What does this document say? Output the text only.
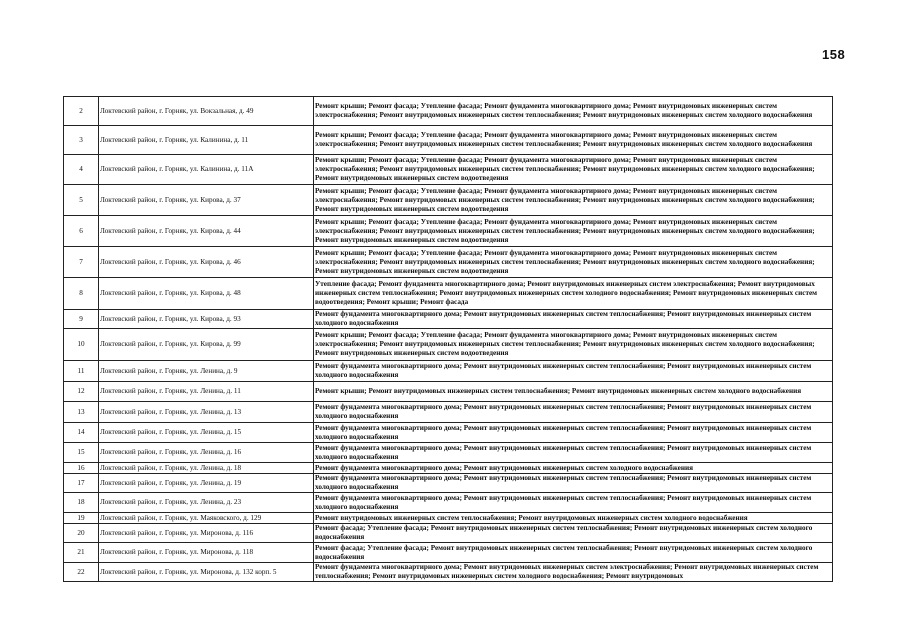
158
2	Локтевский район, г. Горняк, ул. Вокзальная, д. 49	Ремонт крыши; Ремонт фасада; Утепление фасада; Ремонт фундамента многоквартирного дома; Ремонт внутридомовых инженерных систем электроснабжения; Ремонт внутридомовых инженерных систем теплоснабжения; Ремонт внутридомовых инженерных систем холодного водоснабжения
3	Локтевский район, г. Горняк, ул. Калинина, д. 11	Ремонт крыши; Ремонт фасада; Утепление фасада; Ремонт фундамента многоквартирного дома; Ремонт внутридомовых инженерных систем электроснабжения; Ремонт внутридомовых инженерных систем теплоснабжения; Ремонт внутридомовых инженерных систем холодного водоснабжения
4	Локтевский район, г. Горняк, ул. Калинина, д. 11А	Ремонт крыши; Ремонт фасада; Утепление фасада; Ремонт фундамента многоквартирного дома; Ремонт внутридомовых инженерных систем электроснабжения; Ремонт внутридомовых инженерных систем теплоснабжения; Ремонт внутридомовых инженерных систем холодного водоснабжения; Ремонт внутридомовых инженерных систем водоотведения
5	Локтевский район, г. Горняк, ул. Кирова, д. 37	Ремонт крыши; Ремонт фасада; Утепление фасада; Ремонт фундамента многоквартирного дома; Ремонт внутридомовых инженерных систем электроснабжения; Ремонт внутридомовых инженерных систем теплоснабжения; Ремонт внутридомовых инженерных систем холодного водоснабжения; Ремонт внутридомовых инженерных систем водоотведения
6	Локтевский район, г. Горняк, ул. Кирова, д. 44	Ремонт крыши; Ремонт фасада; Утепление фасада; Ремонт фундамента многоквартирного дома; Ремонт внутридомовых инженерных систем электроснабжения; Ремонт внутридомовых инженерных систем теплоснабжения; Ремонт внутридомовых инженерных систем холодного водоснабжения; Ремонт внутридомовых инженерных систем водоотведения
7	Локтевский район, г. Горняк, ул. Кирова, д. 46	Ремонт крыши; Ремонт фасада; Утепление фасада; Ремонт фундамента многоквартирного дома; Ремонт внутридомовых инженерных систем электроснабжения; Ремонт внутридомовых инженерных систем теплоснабжения; Ремонт внутридомовых инженерных систем холодного водоснабжения; Ремонт внутридомовых инженерных систем водоотведения
8	Локтевский район, г. Горняк, ул. Кирова, д. 48	Утепление фасада; Ремонт фундамента многоквартирного дома; Ремонт внутридомовых инженерных систем электроснабжения; Ремонт внутридомовых инженерных систем теплоснабжения; Ремонт внутридомовых инженерных систем холодного водоснабжения; Ремонт внутридомовых инженерных систем водоотведения; Ремонт крыши; Ремонт фасада
9	Локтевский район, г. Горняк, ул. Кирова, д. 93	Ремонт фундамента многоквартирного дома; Ремонт внутридомовых инженерных систем теплоснабжения; Ремонт внутридомовых инженерных систем холодного водоснабжения
10	Локтевский район, г. Горняк, ул. Кирова, д. 99	Ремонт крыши; Ремонт фасада; Утепление фасада; Ремонт фундамента многоквартирного дома; Ремонт внутридомовых инженерных систем электроснабжения; Ремонт внутридомовых инженерных систем теплоснабжения; Ремонт внутридомовых инженерных систем холодного водоснабжения; Ремонт внутридомовых инженерных систем водоотведения
11	Локтевский район, г. Горняк, ул. Ленина, д. 9	Ремонт фундамента многоквартирного дома; Ремонт внутридомовых инженерных систем теплоснабжения; Ремонт внутридомовых инженерных систем холодного водоснабжения
12	Локтевский район, г. Горняк, ул. Ленина, д. 11	Ремонт крыши; Ремонт внутридомовых инженерных систем теплоснабжения; Ремонт внутридомовых инженерных систем холодного водоснабжения
13	Локтевский район, г. Горняк, ул. Ленина, д. 13	Ремонт фундамента многоквартирного дома; Ремонт внутридомовых инженерных систем теплоснабжения; Ремонт внутридомовых инженерных систем холодного водоснабжения
14	Локтевский район, г. Горняк, ул. Ленина, д. 15	Ремонт фундамента многоквартирного дома; Ремонт внутридомовых инженерных систем теплоснабжения; Ремонт внутридомовых инженерных систем холодного водоснабжения
15	Локтевский район, г. Горняк, ул. Ленина, д. 16	Ремонт фундамента многоквартирного дома; Ремонт внутридомовых инженерных систем теплоснабжения; Ремонт внутридомовых инженерных систем холодного водоснабжения
16	Локтевский район, г. Горняк, ул. Ленина, д. 18	Ремонт фундамента многоквартирного дома; Ремонт внутридомовых инженерных систем холодного водоснабжения
17	Локтевский район, г. Горняк, ул. Ленина, д. 19	Ремонт фундамента многоквартирного дома; Ремонт внутридомовых инженерных систем теплоснабжения; Ремонт внутридомовых инженерных систем холодного водоснабжения
18	Локтевский район, г. Горняк, ул. Ленина, д. 23	Ремонт фундамента многоквартирного дома; Ремонт внутридомовых инженерных систем теплоснабжения; Ремонт внутридомовых инженерных систем холодного водоснабжения
19	Локтевский район, г. Горняк, ул. Маяковского, д. 129	Ремонт внутридомовых инженерных систем теплоснабжения; Ремонт внутридомовых инженерных систем холодного водоснабжения
20	Локтевский район, г. Горняк, ул. Миронова, д. 116	Ремонт фасада; Утепление фасада; Ремонт внутридомовых инженерных систем теплоснабжения; Ремонт внутридомовых инженерных систем холодного водоснабжения
21	Локтевский район, г. Горняк, ул. Миронова, д. 118	Ремонт фасада; Утепление фасада; Ремонт внутридомовых инженерных систем теплоснабжения; Ремонт внутридомовых инженерных систем холодного водоснабжения
22	Локтевский район, г. Горняк, ул. Миронова, д. 132 корп. 5	Ремонт фундамента многоквартирного дома; Ремонт внутридомовых инженерных систем электроснабжения; Ремонт внутридомовых инженерных систем теплоснабжения; Ремонт внутридомовых инженерных систем холодного водоснабжения; Ремонт внутридомовых
